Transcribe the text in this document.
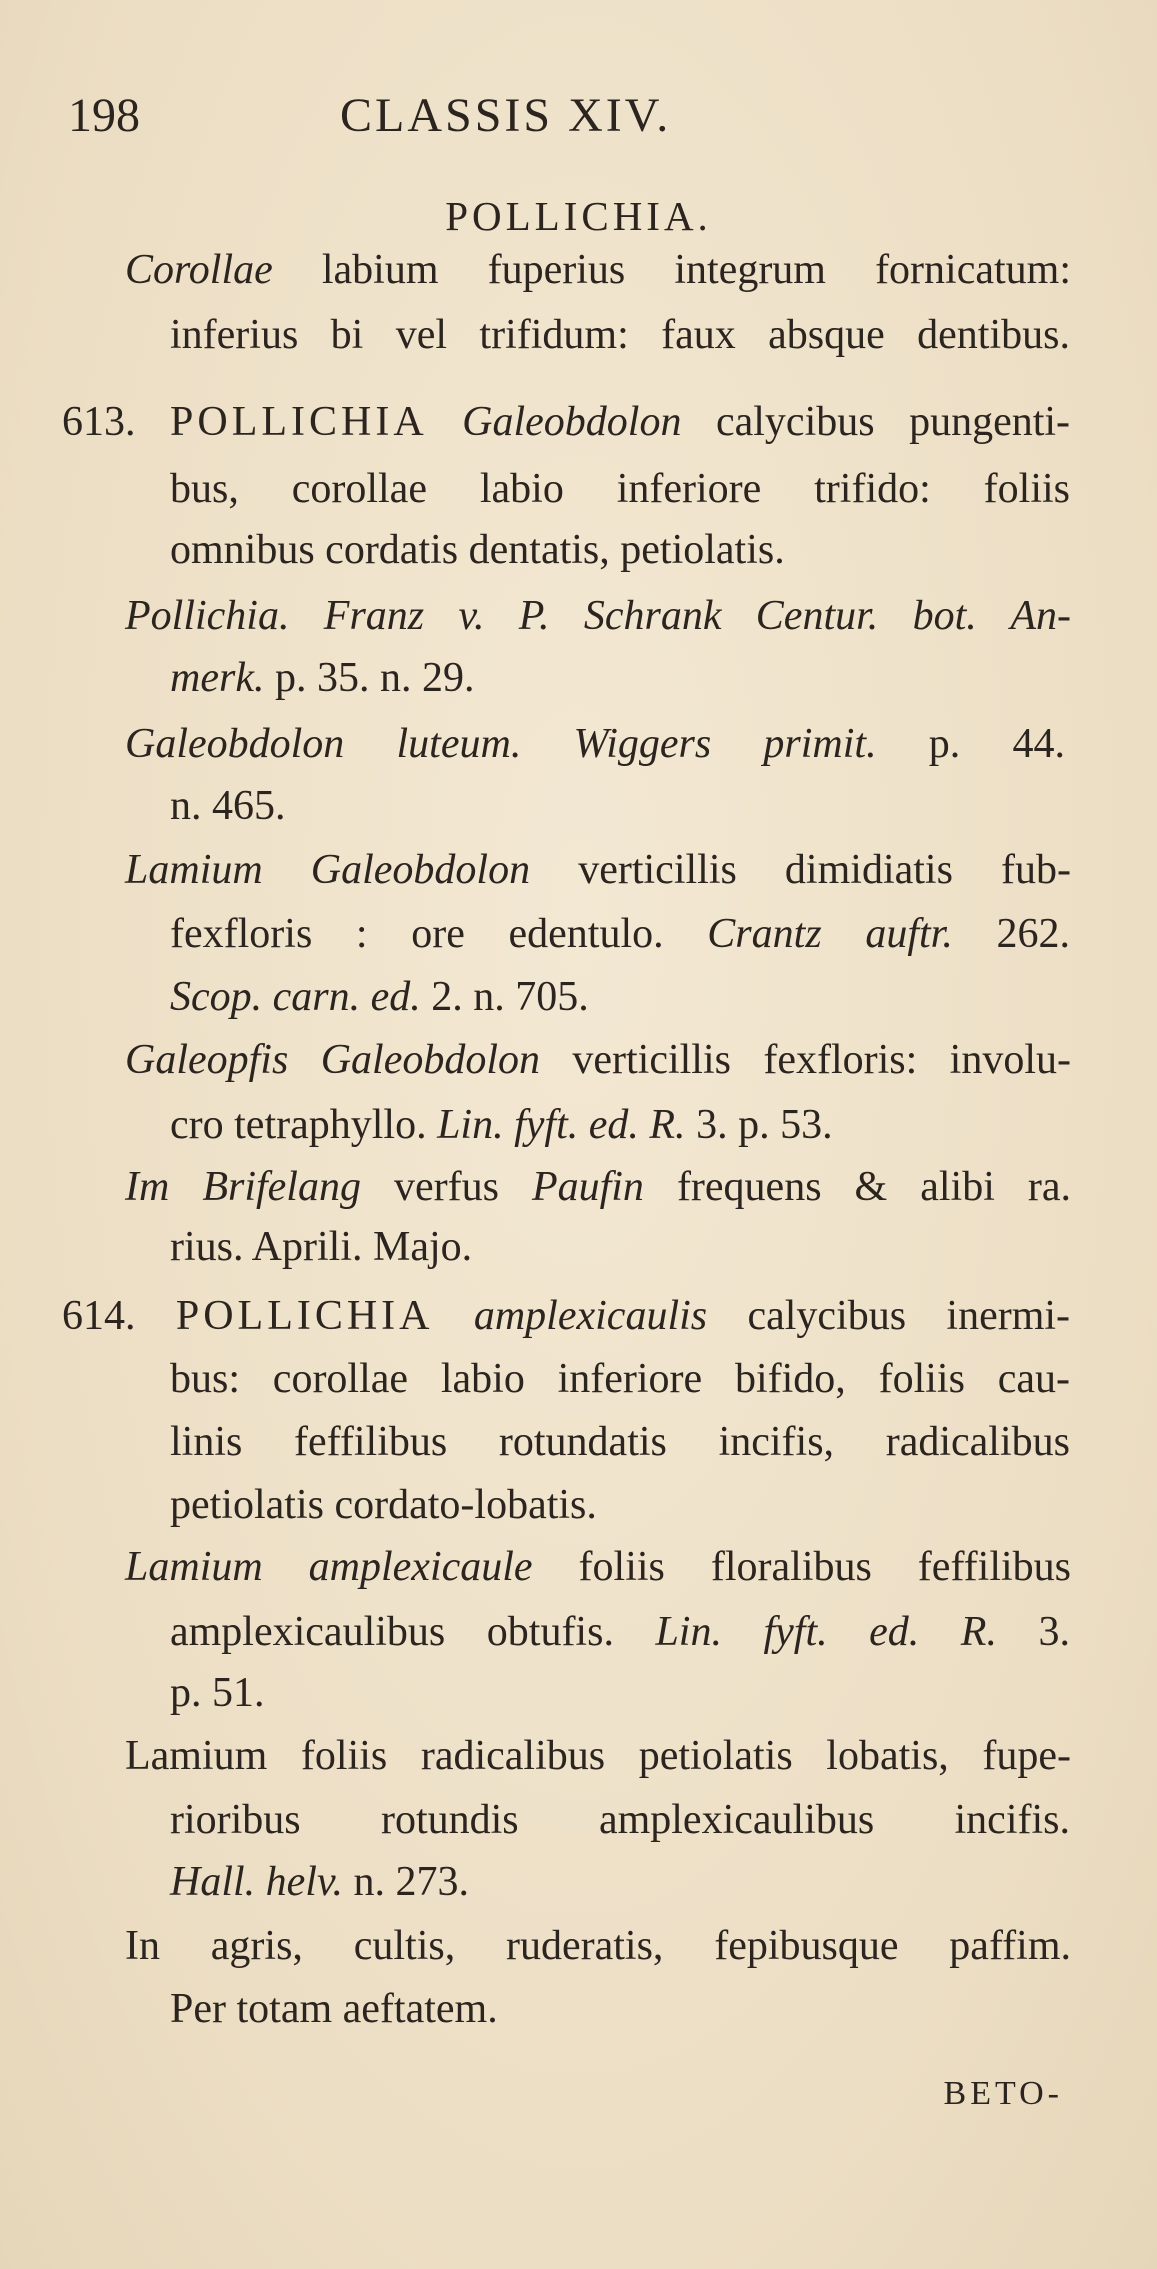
198	CLASSIS XIV.
POLLICHIA.
Corollae labium fuperius integrum fornicatum:
inferius bi vel trifidum: faux absque dentibus.
613. POLLICHIA Galeobdolon calycibus pungenti-
bus, corollae labio inferiore trifido: foliis
omnibus cordatis dentatis, petiolatis.
Pollichia. Franz v. P. Schrank Centur. bot. An-
merk. p. 35. n. 29.
Galeobdolon luteum. Wiggers primit. p. 44.
n. 465.
Lamium Galeobdolon verticillis dimidiatis fub-
fexfloris : ore edentulo. Crantz auftr. 262.
Scop. carn. ed. 2. n. 705.
Galeopfis Galeobdolon verticillis fexfloris: involu-
cro tetraphyllo. Lin. fyft. ed. R. 3. p. 53.
Im Brifelang verfus Paufin frequens & alibi ra.
rius. Aprili. Majo.
614. POLLICHIA amplexicaulis calycibus inermi-
bus: corollae labio inferiore bifido, foliis cau-
linis feffilibus rotundatis incifis, radicalibus
petiolatis cordato-lobatis.
Lamium amplexicaule foliis floralibus feffilibus
amplexicaulibus obtufis. Lin. fyft. ed. R. 3.
p. 51.
Lamium foliis radicalibus petiolatis lobatis, fupe-
rioribus rotundis amplexicaulibus incifis.
Hall. helv. n. 273.
In agris, cultis, ruderatis, fepibusque paffim.
Per totam aeftatem.
BETO-
